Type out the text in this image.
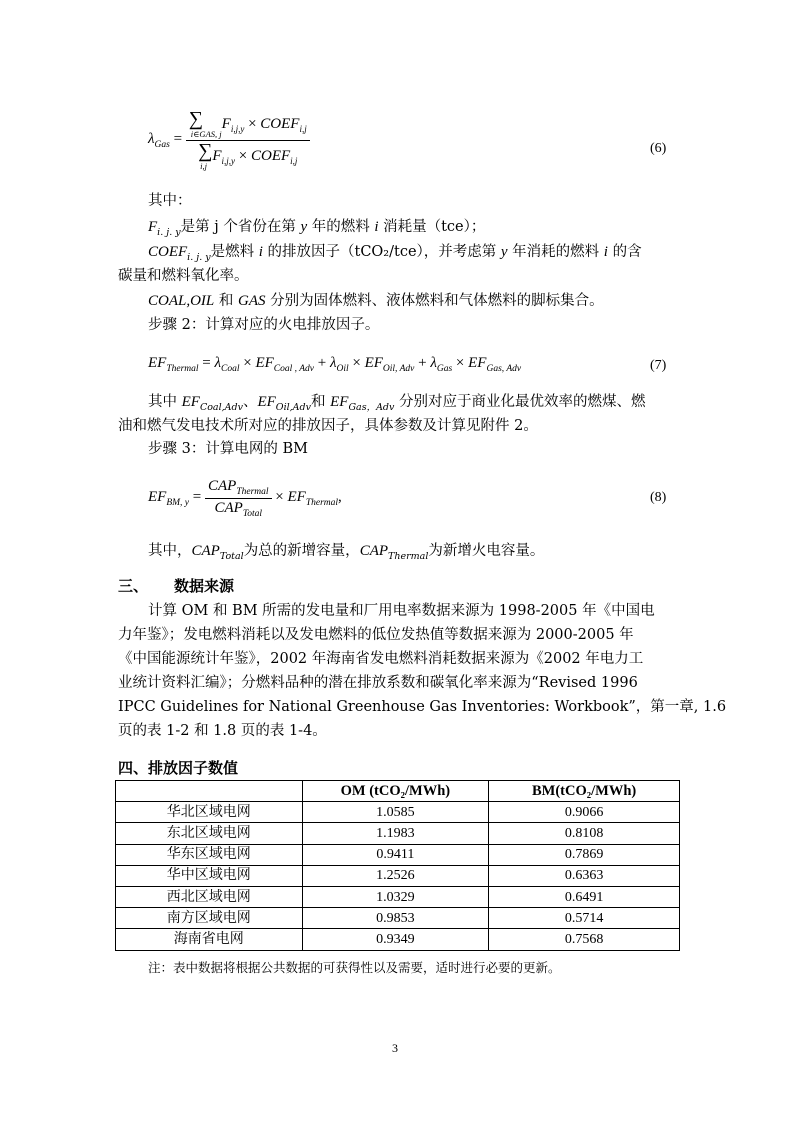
$\lambda_{Gas}$ = ∑
i∈GAS, j
$F_{i,j,y}$ × $COEF_{i,j}$
∑
i,j
$F_{i,j,y}$ × $COEF_{i,j}$	(6)
其中：
$F_{i. j. y}$是第 j 个省份在第 y 年的燃料 i 消耗量（tce）；
$COEF_{i. j. y}$是燃料 i 的排放因子（tCO₂/tce），并考虑第 y 年消耗的燃料 i 的含
碳量和燃料氧化率。
COAL,OIL 和 GAS 分别为固体燃料、液体燃料和气体燃料的脚标集合。
步骤 2：计算对应的火电排放因子。
$EF_{Thermal} = \lambda_{Coal} \times EF_{Coal , Adv} + \lambda_{Oil} \times EF_{Oil, Adv} + \lambda_{Gas} \times EF_{Gas, Adv}$	(7)
其中 $EF_{Coal,Adv}$、$EF_{Oil,Adv}$和 $EF_{Gas,Adv}$ 分别对应于商业化最优效率的燃煤、燃
油和燃气发电技术所对应的排放因子，具体参数及计算见附件 2。
步骤 3：计算电网的 BM
$EF_{BM, y} = \frac{CAP_{Thermal}}{CAP_{Total}} \times EF_{Thermal}$,	(8)
其中，$CAP_{Total}$为总的新增容量，$CAP_{Thermal}$为新增火电容量。
三、 数据来源
计算 OM 和 BM 所需的发电量和厂用电率数据来源为 1998-2005 年《中国电
力年鉴》；发电燃料消耗以及发电燃料的低位发热值等数据来源为 2000-2005 年
《中国能源统计年鉴》，2002 年海南省发电燃料消耗数据来源为《2002 年电力工
业统计资料汇编》；分燃料品种的潜在排放系数和碳氧化率来源为“Revised 1996
IPCC Guidelines for National Greenhouse Gas Inventories: Workbook”，第一章, 1.6
页的表 1-2 和 1.8 页的表 1-4。
四、排放因子数值
	OM (tCO₂/MWh)	BM(tCO₂/MWh)
华北区域电网	1.0585	0.9066
东北区域电网	1.1983	0.8108
华东区域电网	0.9411	0.7869
华中区域电网	1.2526	0.6363
西北区域电网	1.0329	0.6491
南方区域电网	0.9853	0.5714
海南省电网	0.9349	0.7568
注：表中数据将根据公共数据的可获得性以及需要，适时进行必要的更新。
3
